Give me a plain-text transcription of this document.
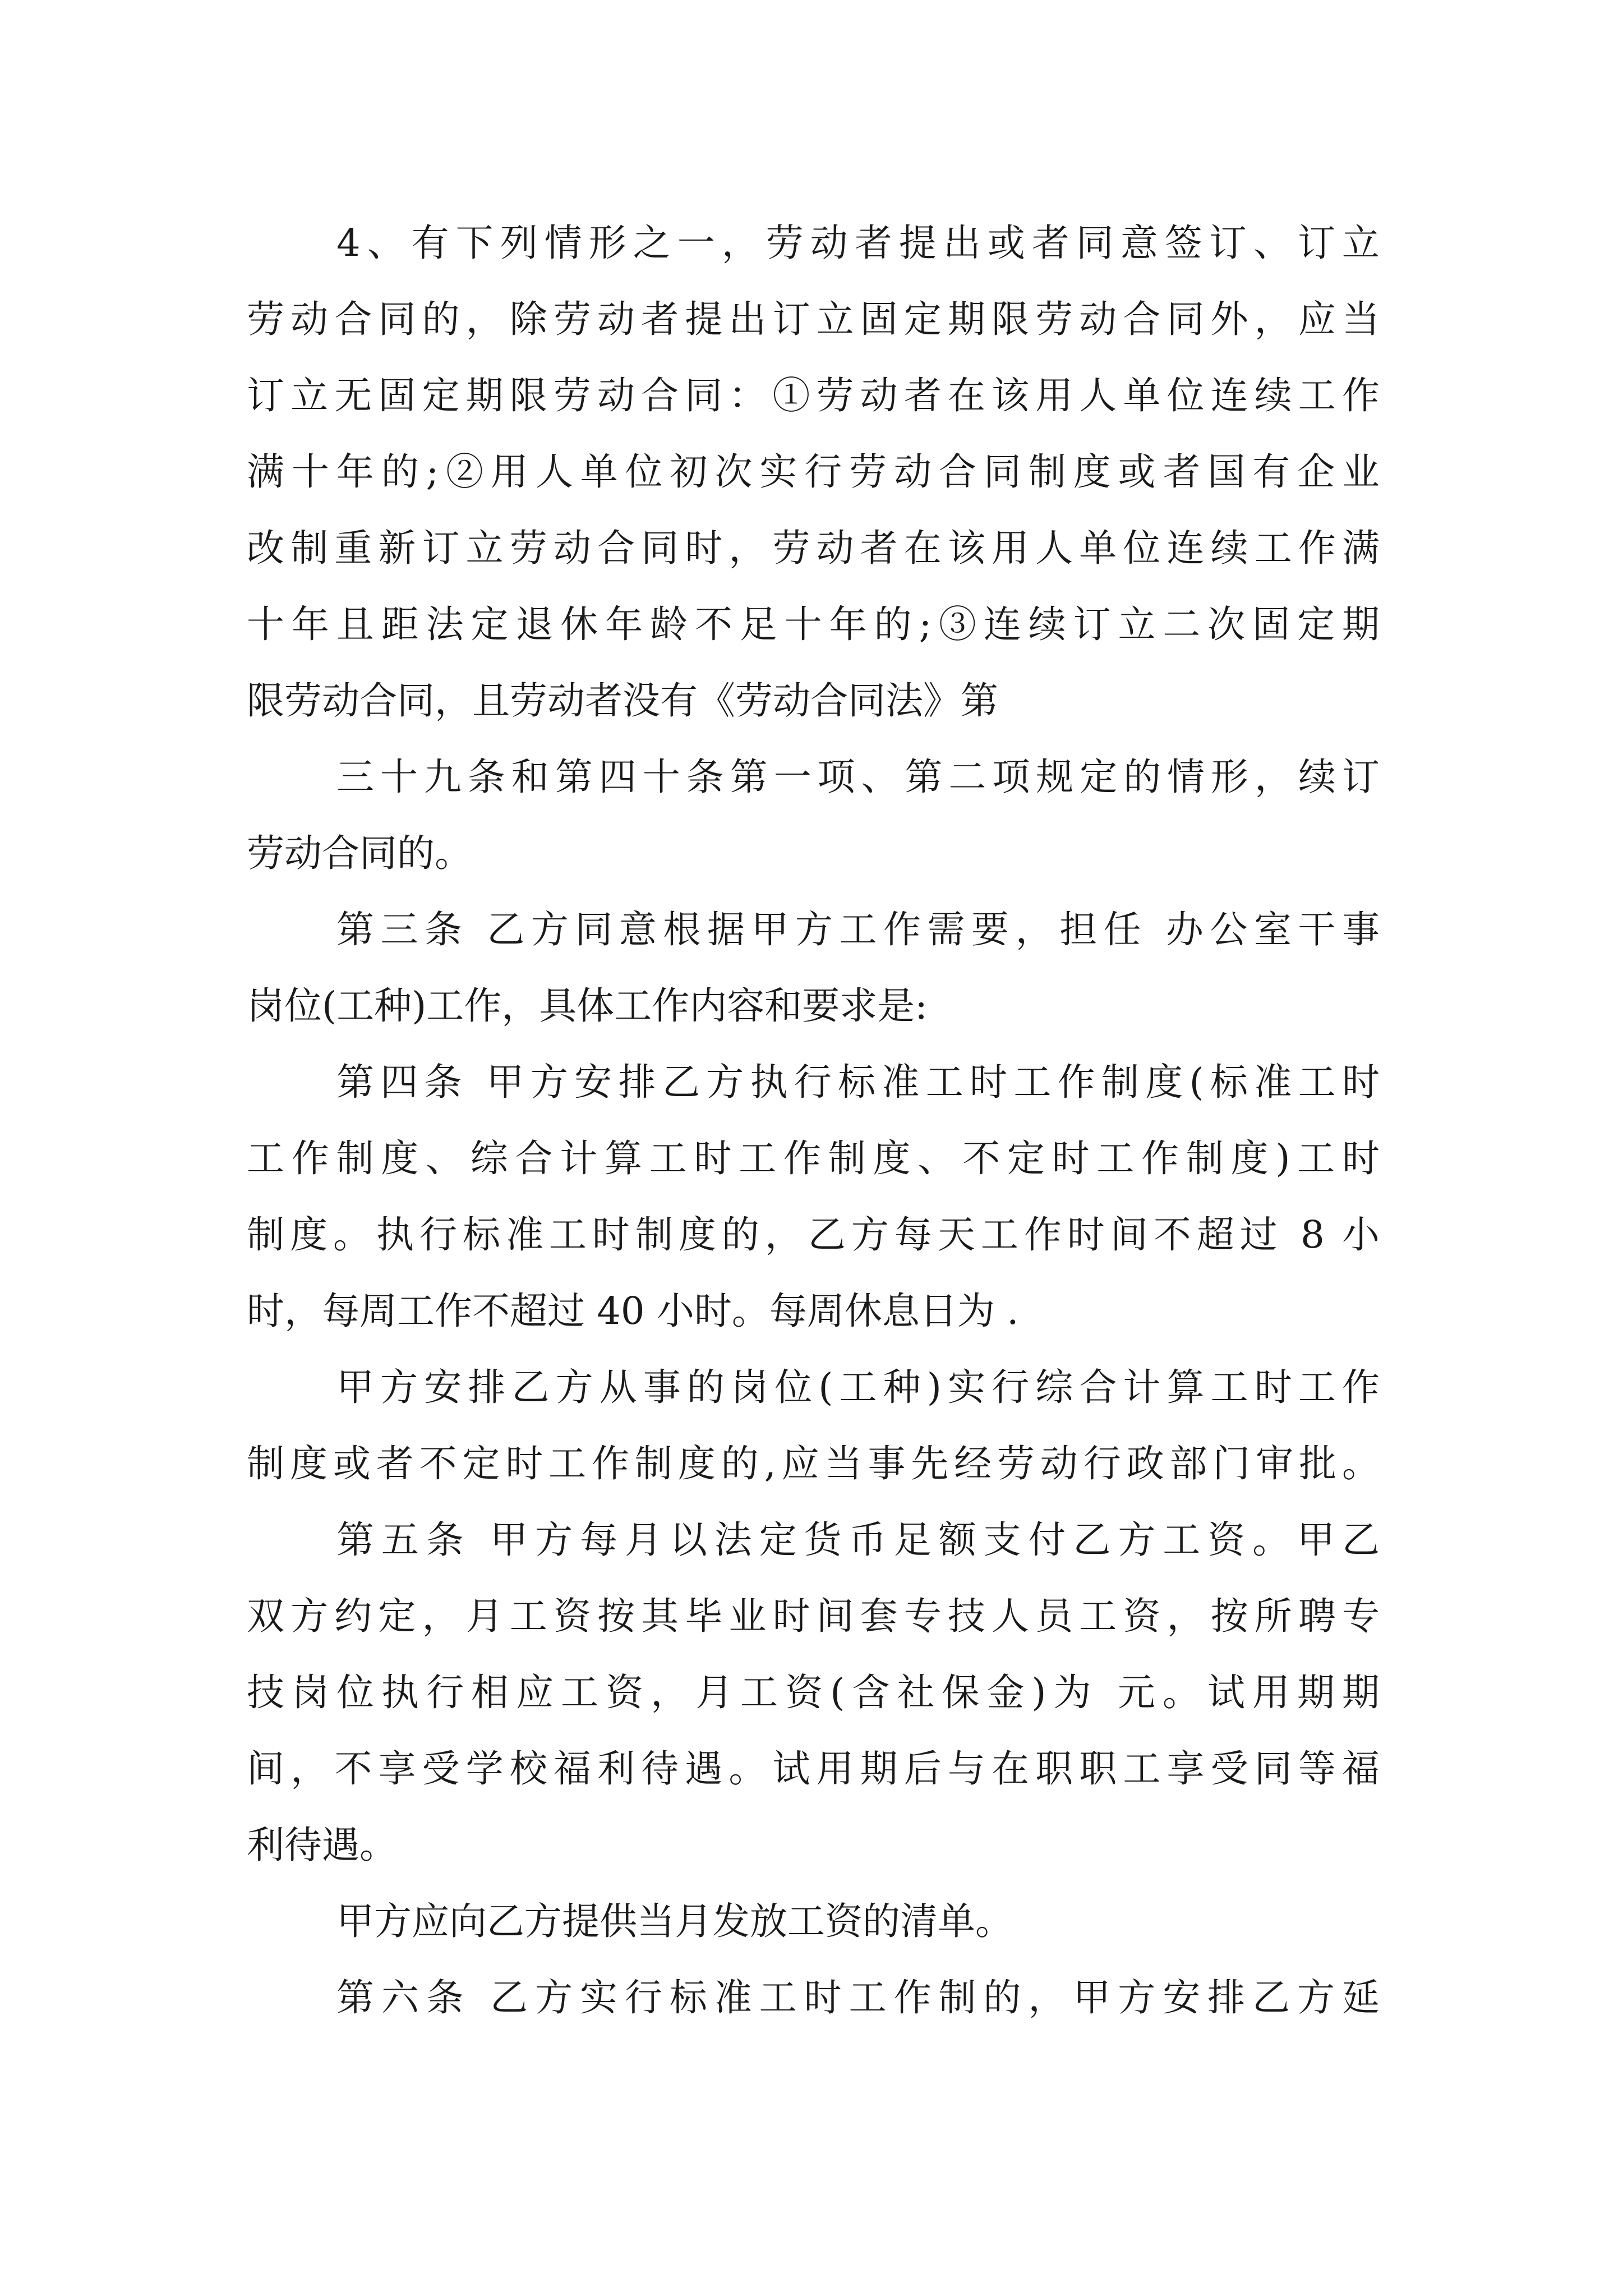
4、有下列情形之一，劳动者提出或者同意签订、订立
劳动合同的，除劳动者提出订立固定期限劳动合同外，应当
订立无固定期限劳动合同：①劳动者在该用人单位连续工作
满十年的;②用人单位初次实行劳动合同制度或者国有企业
改制重新订立劳动合同时，劳动者在该用人单位连续工作满
十年且距法定退休年龄不足十年的;③连续订立二次固定期
限劳动合同，且劳动者没有《劳动合同法》第
三十九条和第四十条第一项、第二项规定的情形，续订
劳动合同的。
第三条 乙方同意根据甲方工作需要，担任 办公室干事
岗位(工种)工作，具体工作内容和要求是:
第四条 甲方安排乙方执行标准工时工作制度(标准工时
工作制度、综合计算工时工作制度、不定时工作制度)工时
制度。执行标准工时制度的，乙方每天工作时间不超过 8 小
时，每周工作不超过 40 小时。每周休息日为 .
甲方安排乙方从事的岗位(工种)实行综合计算工时工作
制度或者不定时工作制度的,应当事先经劳动行政部门审批。
第五条 甲方每月以法定货币足额支付乙方工资。甲乙
双方约定，月工资按其毕业时间套专技人员工资，按所聘专
技岗位执行相应工资，月工资(含社保金)为 元。试用期期
间，不享受学校福利待遇。试用期后与在职职工享受同等福
利待遇。
甲方应向乙方提供当月发放工资的清单。
第六条 乙方实行标准工时工作制的，甲方安排乙方延
